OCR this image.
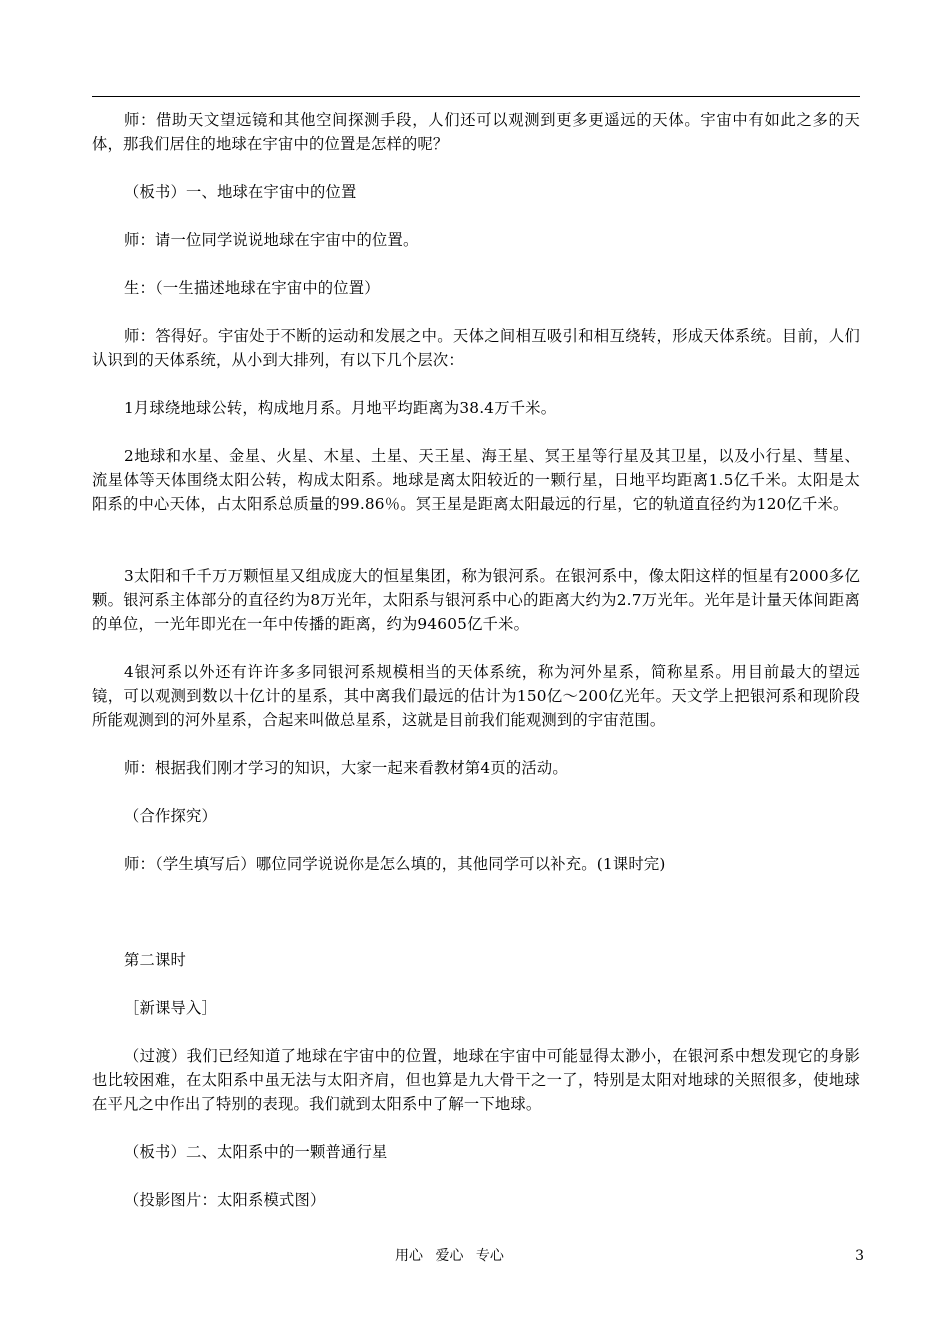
师：借助天文望远镜和其他空间探测手段，人们还可以观测到更多更遥远的天体。宇宙中有如此之多的天体，那我们居住的地球在宇宙中的位置是怎样的呢？

（板书）一、地球在宇宙中的位置

师：请一位同学说说地球在宇宙中的位置。

生：（一生描述地球在宇宙中的位置）

师：答得好。宇宙处于不断的运动和发展之中。天体之间相互吸引和相互绕转，形成天体系统。目前，人们认识到的天体系统，从小到大排列，有以下几个层次：

1月球绕地球公转，构成地月系。月地平均距离为38.4万千米。

2地球和水星、金星、火星、木星、土星、天王星、海王星、冥王星等行星及其卫星，以及小行星、彗星、流星体等天体围绕太阳公转，构成太阳系。地球是离太阳较近的一颗行星，日地平均距离1.5亿千米。太阳是太阳系的中心天体，占太阳系总质量的99.86％。冥王星是距离太阳最远的行星，它的轨道直径约为120亿千米。

3太阳和千千万万颗恒星又组成庞大的恒星集团，称为银河系。在银河系中，像太阳这样的恒星有2000多亿颗。银河系主体部分的直径约为8万光年，太阳系与银河系中心的距离大约为2.7万光年。光年是计量天体间距离的单位，一光年即光在一年中传播的距离，约为94605亿千米。

4银河系以外还有许许多多同银河系规模相当的天体系统，称为河外星系，简称星系。用目前最大的望远镜，可以观测到数以十亿计的星系，其中离我们最远的估计为150亿～200亿光年。天文学上把银河系和现阶段所能观测到的河外星系，合起来叫做总星系，这就是目前我们能观测到的宇宙范围。

师：根据我们刚才学习的知识，大家一起来看教材第4页的活动。

（合作探究）

师：（学生填写后）哪位同学说说你是怎么填的，其他同学可以补充。(1课时完)

第二课时

［新课导入］

（过渡）我们已经知道了地球在宇宙中的位置，地球在宇宙中可能显得太渺小，在银河系中想发现它的身影也比较困难，在太阳系中虽无法与太阳齐肩，但也算是九大骨干之一了，特别是太阳对地球的关照很多，使地球在平凡之中作出了特别的表现。我们就到太阳系中了解一下地球。

（板书）二、太阳系中的一颗普通行星

（投影图片：太阳系模式图）

用心 爱心 专心	3
